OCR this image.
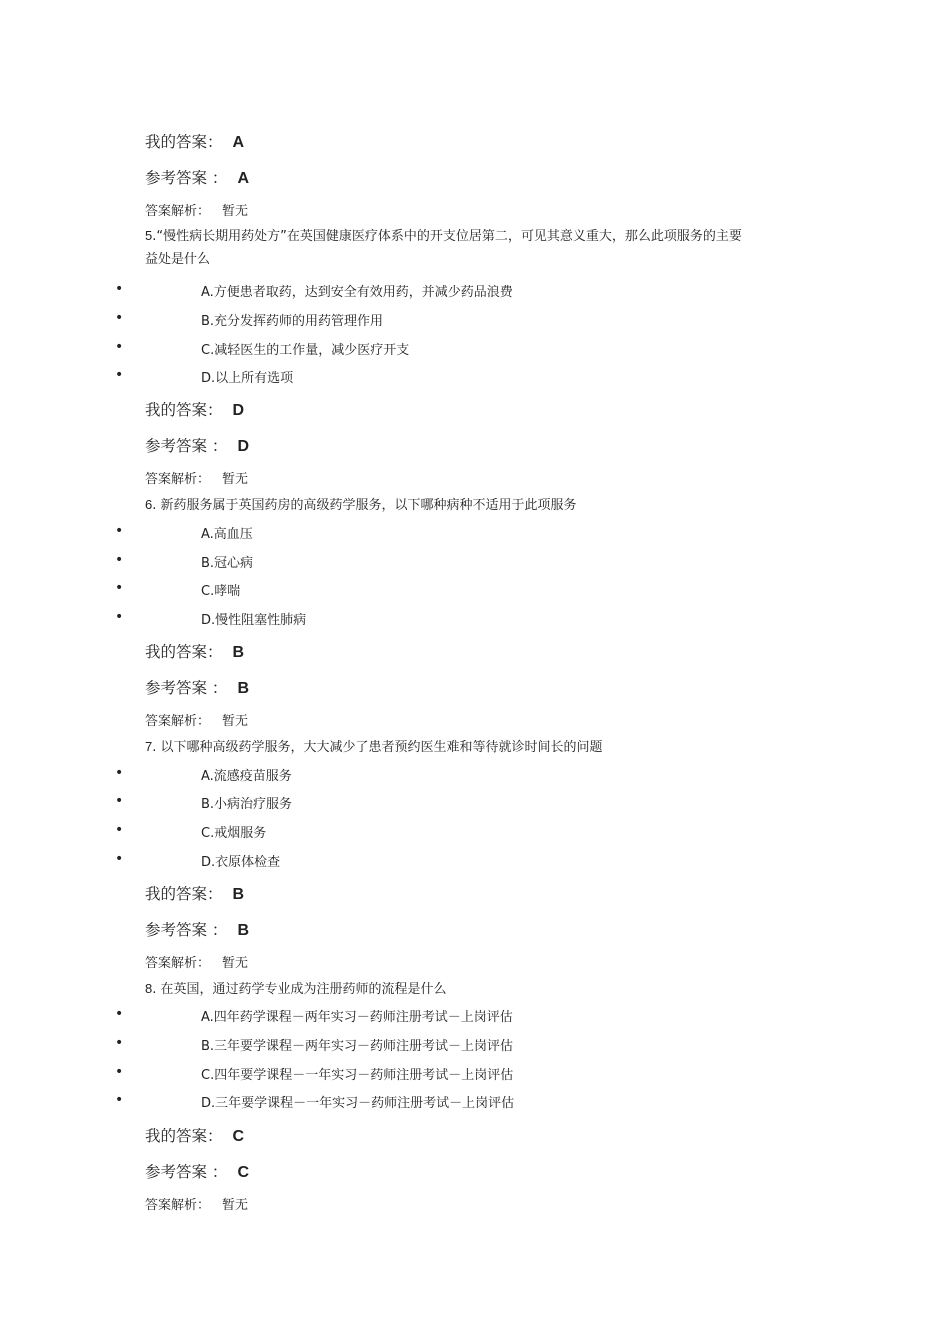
我的答案： A
参考答案 ： A
答案解析： 暂无
5.“慢性病长期用药处方”在英国健康医疗体系中的开支位居第二，可见其意义重大，那么此项服务的主要
益处是什么
•	A.方便患者取药，达到安全有效用药，并减少药品浪费
•	B.充分发挥药师的用药管理作用
•	C.减轻医生的工作量，减少医疗开支
•	D.以上所有选项
我的答案： D
参考答案 ： D
答案解析： 暂无
6. 新药服务属于英国药房的高级药学服务，以下哪种病种不适用于此项服务
•	A.高血压
•	B.冠心病
•	C.哮喘
•	D.慢性阻塞性肺病
我的答案： B
参考答案 ： B
答案解析： 暂无
7. 以下哪种高级药学服务，大大减少了患者预约医生难和等待就诊时间长的问题
•	A.流感疫苗服务
•	B.小病治疗服务
•	C.戒烟服务
•	D.衣原体检查
我的答案： B
参考答案 ： B
答案解析： 暂无
8. 在英国，通过药学专业成为注册药师的流程是什么
•	A.四年药学课程－两年实习－药师注册考试－上岗评估
•	B.三年要学课程－两年实习－药师注册考试－上岗评估
•	C.四年要学课程－一年实习－药师注册考试－上岗评估
•	D.三年要学课程－一年实习－药师注册考试－上岗评估
我的答案： C
参考答案 ： C
答案解析： 暂无
